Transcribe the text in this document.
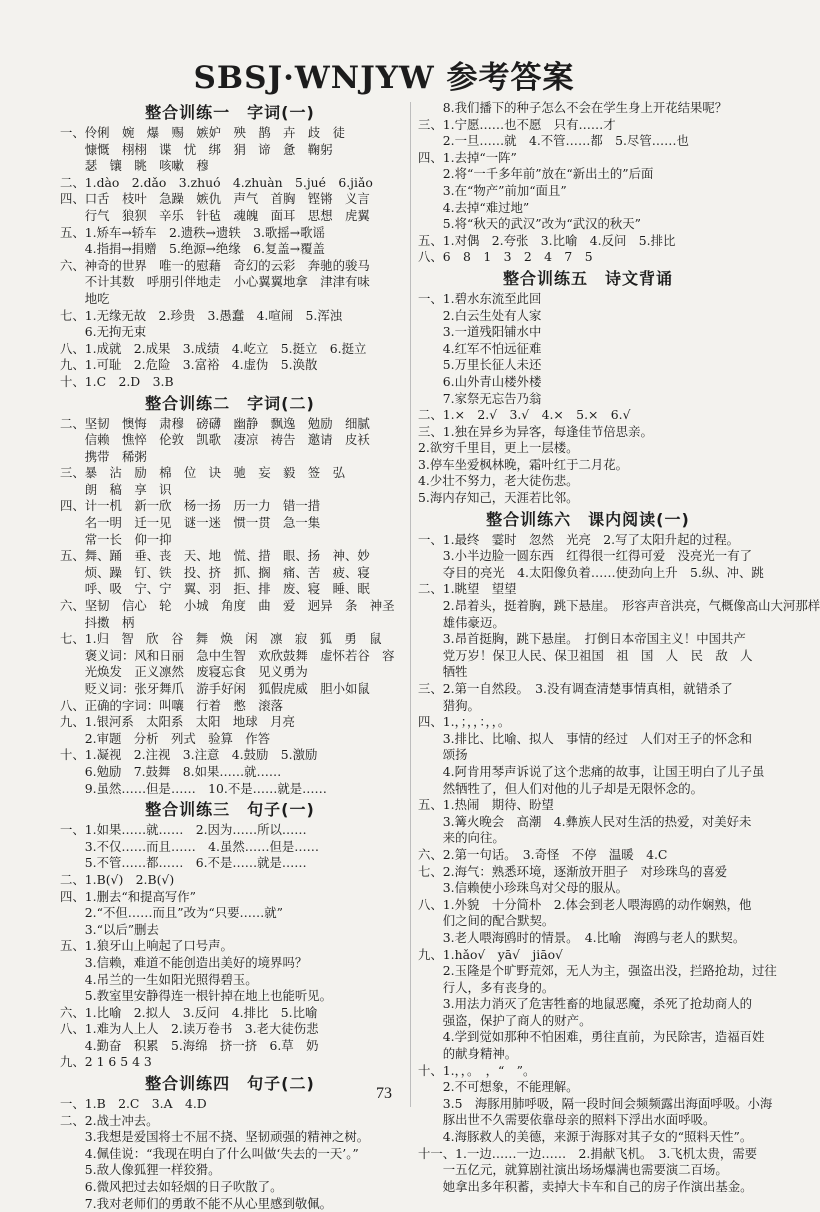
SBSJ·WNJYW 参考答案
整合训练一　字词(一)
一、伶俐　婉　爆　赐　嫉妒　殃　鹊　卉　歧　徒
　　慷慨　栩栩　谍　忧　绑　狷　谛　惫　鞠躬
　　瑟　镶　眺　咳嗽　穆
二、1.dào　2.dǎo　3.zhuó　4.zhuàn　5.jué　6.jiǎo
四、口舌　枝叶　急躁　嫉仇　声气　首胸　铿锵　义言
　　行气　狼狈　辛乐　针毡　魂魄　面耳　思想　虎翼
五、1.矫车→轿车　2.遗秩→遗轶　3.歌摇→歌谣
　　4.指捐→捐赠　5.绝源→绝缘　6.复盖→覆盖
六、神奇的世界　唯一的慰藉　奇幻的云彩　奔驰的骏马
　　不计其数　呼朋引伴地走　小心翼翼地拿　津津有味
　　地吃
七、1.无缘无故　2.珍贵　3.愚蠢　4.喧闹　5.浑浊
　　6.无拘无束
八、1.成就　2.成果　3.成绩　4.屹立　5.挺立　6.挺立
九、1.可耻　2.危险　3.富裕　4.虚伪　5.涣散
十、1.C　2.D　3.B
整合训练二　字词(二)
二、坚韧　懊悔　肃穆　磅礴　幽静　飘逸　勉励　细腻
　　信赖　憔悴　伦敦　凯歌　凄凉　祷告　邀请　皮袄
　　携带　稀粥
三、暴　沾　励　棉　位　诀　驰　妄　毅　签　弘
　　朗　稿　享　识
四、计一机　新一欣　杨一扬　历一力　错一措
　　名一明　迁一见　谜一迷　惯一贯　急一集
　　常一长　仰一抑
五、舞、踊　垂、丧　天、地　慌、措　眼、扬　神、妙
　　烦、躁　钉、铁　投、挤　抓、搁　痛、苦　疲、寝　
　　呼、吸　宁、宁　翼、羽　拒、排　废、寝　睡、眠
六、坚韧　信心　轮　小城　角度　曲　爱　迥异　条　神圣
　　抖擞　柄
七、1.归　智　欣　谷　舞　焕　闲　凛　寂　狐　勇　鼠
　　褒义词：风和日丽　急中生智　欢欣鼓舞　虚怀若谷　容
　　光焕发　正义凛然　废寝忘食　见义勇为
　　贬义词：张牙舞爪　游手好闲　狐假虎威　胆小如鼠
八、正确的字词：叫嚷　行着　憋　滚落
九、1.银河系　太阳系　太阳　地球　月亮
　　2.审题　分析　列式　验算　作答
十、1.凝视　2.注视　3.注意　4.鼓励　5.激励
　　6.勉励　7.鼓舞　8.如果……就……
　　9.虽然……但是……　10.不是……就是……
整合训练三　句子(一)
一、1.如果……就……　2.因为……所以……
　　3.不仅……而且……　4.虽然……但是……
　　5.不管……都……　6.不是……就是……
二、1.B(√)　2.B(√)
四、1.删去“和提高写作”
　　2.“不但……而且”改为“只要……就”
　　3.“以后”删去
五、1.狼牙山上响起了口号声。
　　3.信赖，难道不能创造出美好的境界吗？
　　4.吊兰的一生如阳光照得碧玉。
　　5.教室里安静得连一根针掉在地上也能听见。
六、1.比喻　2.拟人　3.反问　4.排比　5.比喻
八、1.难为人上人　2.读万卷书　3.老大徒伤悲
　　4.勤奋　积累　5.海绵　挤一挤　6.草　奶
九、2 1 6 5 4 3
整合训练四　句子(二)
一、1.B　2.C　3.A　4.D
二、2.战士冲去。
　　3.我想是爱国将士不屈不挠、坚韧顽强的精神之树。
　　4.佩佳说：“我现在明白了什么叫做‘失去的一天’。”
　　5.敌人像狐狸一样狡猾。
　　6.微风把过去如轻烟的日子吹散了。
　　7.我对老师们的勇敢不能不从心里感到敬佩。
　　8.我们播下的种子怎么不会在学生身上开花结果呢？
三、1.宁愿……也不愿　只有……才
　　2.一旦……就　4.不管……都　5.尽管……也
四、1.去掉“一阵”
　　2.将“一千多年前”放在“新出土的”后面
　　3.在“物产”前加“面且”
　　4.去掉“难过地”
　　5.将“秋天的武汉”改为“武汉的秋天”
五、1.对偶　2.夸张　3.比喻　4.反问　5.排比
八、6　8　1　3　2　4　7　5
整合训练五　诗文背诵
一、1.碧水东流至此回
　　2.白云生处有人家
　　3.一道残阳铺水中
　　4.红军不怕远征难
　　5.万里长征人未还
　　6.山外青山楼外楼
　　7.家祭无忘告乃翁
二、1.×　2.√　3.√　4.×　5.×　6.√
三、1.独在异乡为异客，每逢佳节倍思亲。
2.欲穷千里目，更上一层楼。
3.停车坐爱枫林晚，霜叶红于二月花。
4.少壮不努力，老大徒伤悲。
5.海内存知己，天涯若比邻。
整合训练六　课内阅读(一)
一、1.最终　霎时　忽然　光亮　2.写了太阳升起的过程。
　　3.小半边脸一圆东西　红得很一红得可爱　没亮光一有了
　　夺目的亮光　4.太阳像负着……使劲向上升　5.纵、冲、跳
二、1.眺望　望望
　　2.昂着头，挺着胸，跳下悬崖。　形容声音洪亮，气概像高山大河那样
　　雄伟豪迈。
　　3.昂首挺胸，跳下悬崖。　打倒日本帝国主义！中国共产
　　党万岁！保卫人民、保卫祖国　祖　国　人　民　敌　人
　　牺牲
三、2.第一自然段。　3.没有调查清楚事情真相，就错杀了
　　猎狗。
四、1.，；，，：，，。
　　3.排比、比喻、拟人　事情的经过　人们对王子的怀念和
　　颂扬
　　4.阿肯用琴声诉说了这个悲痛的故事，让国王明白了儿子虽
　　然牺牲了，但人们对他的儿子却是无限怀念的。
五、1.热闹　期待、盼望
　　3.篝火晚会　高潮　4.彝族人民对生活的热爱，对美好未
　　来的向往。
六、2.第一句话。　3.奇怪　不停　温暖　4.C
七、2.海气：熟悉环境，逐渐放开胆子　对珍珠鸟的喜爱
　　3.信赖使小珍珠鸟对父母的服从。
八、1.外貌　十分简朴　2.体会到老人喂海鸥的动作娴熟，他
　　们之间的配合默契。
　　3.老人喂海鸥时的情景。　4.比喻　海鸥与老人的默契。
九、1.hǎo√　yā√　jiāo√
　　2.玉隆是个旷野荒郊，无人为主，强盗出没，拦路抢劫，过往
　　行人，多有丧身的。
　　3.用法力消灭了危害牲畜的地鼠恶魔，杀死了抢劫商人的
　　强盗，保护了商人的财产。
　　4.学到觉如那种不怕困难，勇往直前，为民除害，造福百姓
　　的献身精神。
十、1.，，。　，“　”。
　　2.不可想象，不能理解。
　　3.5　海豚用肺呼吸，隔一段时间会频频露出海面呼吸。小海
　　豚出世不久需要依靠母亲的照料下浮出水面呼吸。
　　4.海豚救人的美德，来源于海豚对其子女的“照料天性”。
十一、1.一边……一边……　2.捐献飞机。　3.飞机太贵，需要
　　一五亿元，就算剧社演出场场爆满也需要演二百场。
　　她拿出多年积蓄，卖掉大卡车和自己的房子作演出基金。
73
